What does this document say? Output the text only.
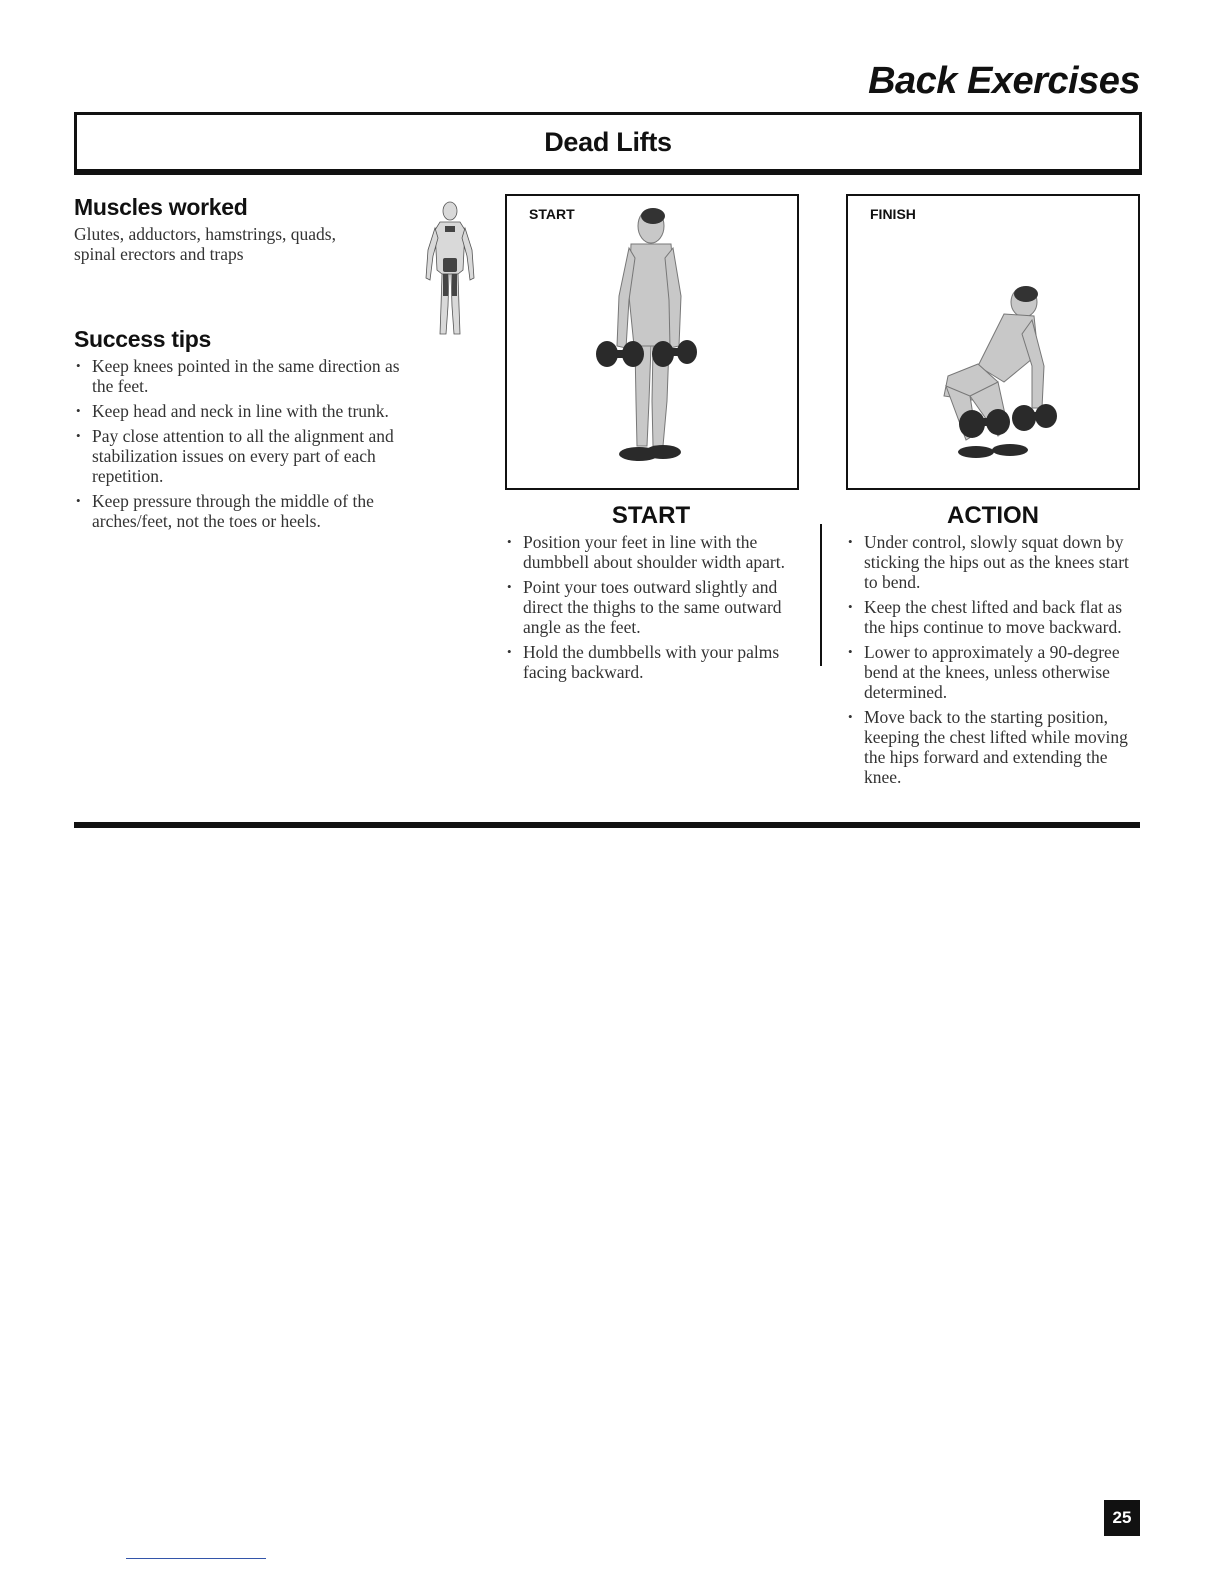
Back Exercises
Dead Lifts
Muscles worked
Glutes, adductors, hamstrings, quads, spinal erectors and traps
Success tips
• Keep knees pointed in the same direction as the feet.
• Keep head and neck in line with the trunk.
• Pay close attention to all the alignment and stabilization issues on every part of each repetition.
• Keep pressure through the middle of the arches/feet, not the toes or heels.
START	FINISH
START
• Position your feet in line with the dumbbell about shoulder width apart.
• Point your toes outward slightly and direct the thighs to the same outward angle as the feet.
• Hold the dumbbells with your palms facing backward.
ACTION
• Under control, slowly squat down by sticking the hips out as the knees start to bend.
• Keep the chest lifted and back flat as the hips continue to move backward.
• Lower to approximately a 90-degree bend at the knees, unless otherwise determined.
• Move back to the starting position, keeping the chest lifted while moving the hips forward and extending the knee.
25
